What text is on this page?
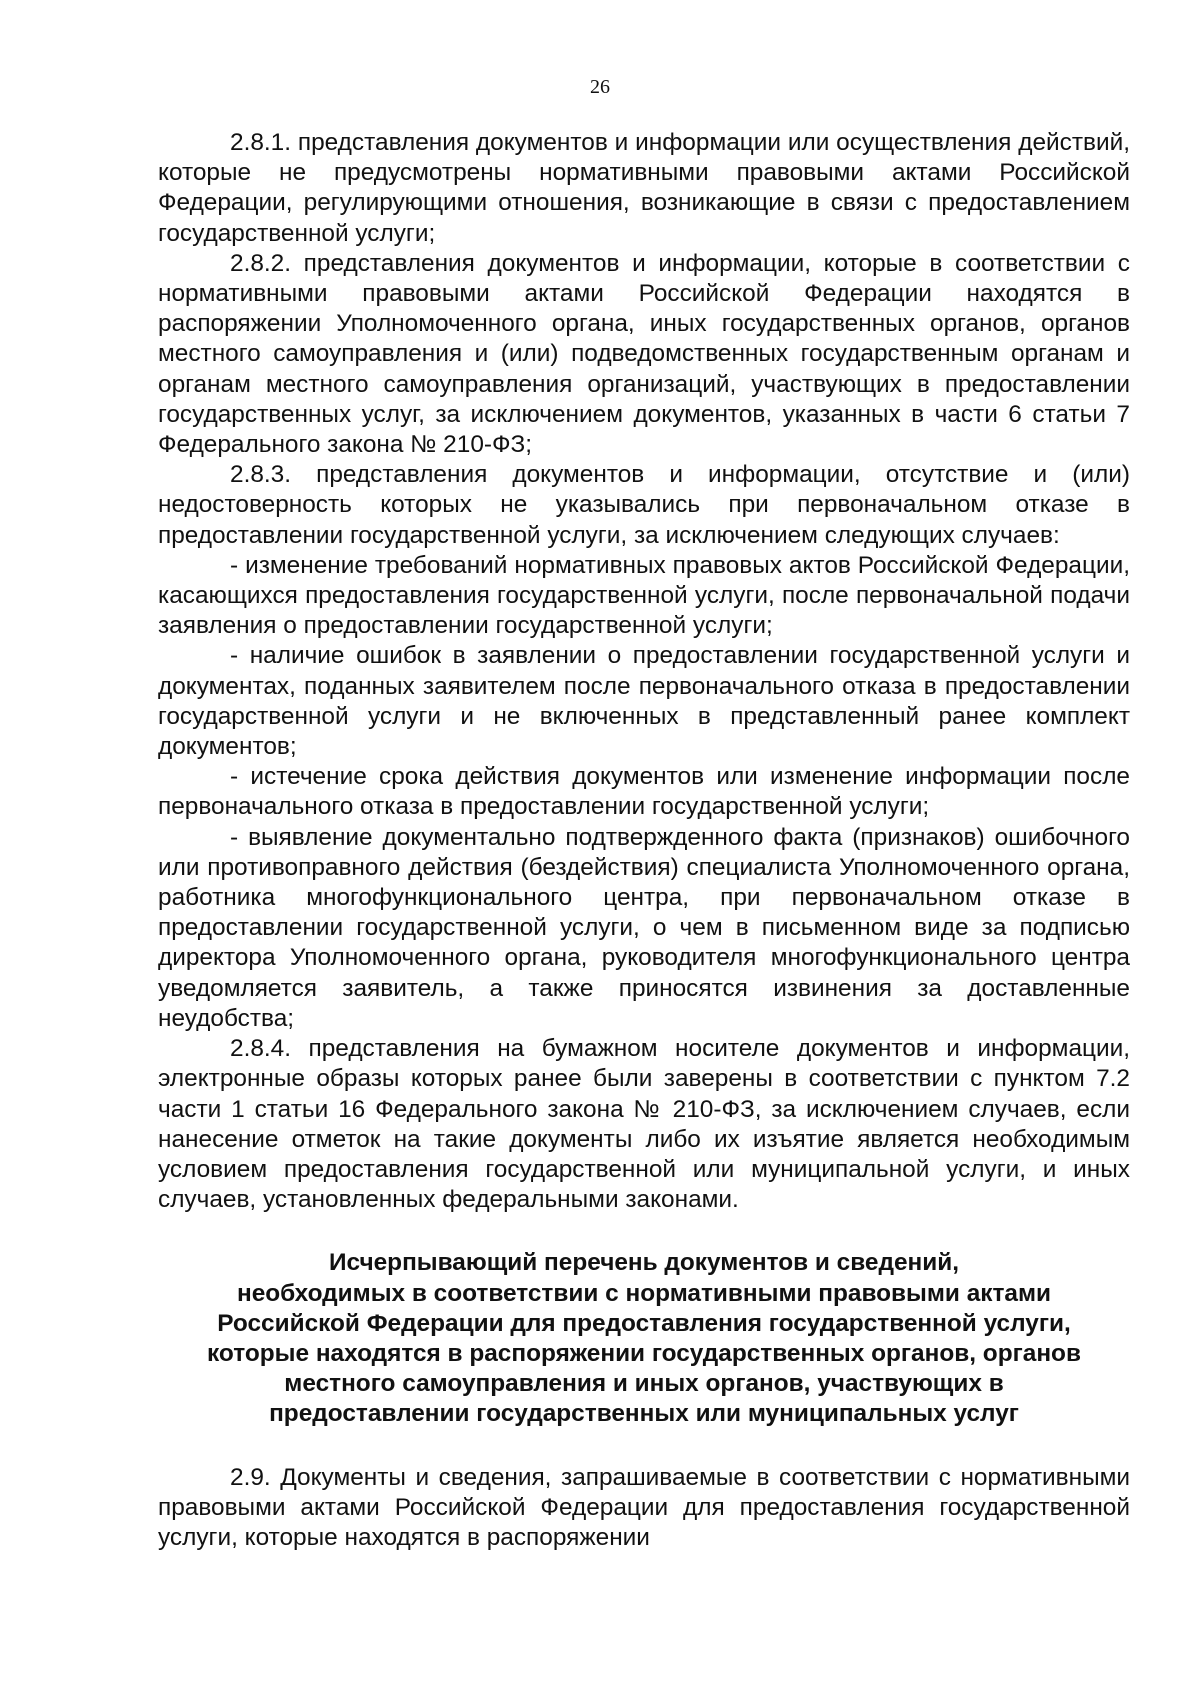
26

2.8.1. представления документов и информации или осуществления действий, которые не предусмотрены нормативными правовыми актами Российской Федерации, регулирующими отношения, возникающие в связи с предоставлением государственной услуги;

2.8.2. представления документов и информации, которые в соответствии с нормативными правовыми актами Российской Федерации находятся в распоряжении Уполномоченного органа, иных государственных органов, органов местного самоуправления и (или) подведомственных государственным органам и органам местного самоуправления организаций, участвующих в предоставлении государственных услуг, за исключением документов, указанных в части 6 статьи 7 Федерального закона № 210-ФЗ;

2.8.3. представления документов и информации, отсутствие и (или) недостоверность которых не указывались при первоначальном отказе в предоставлении государственной услуги, за исключением следующих случаев:

- изменение требований нормативных правовых актов Российской Федерации, касающихся предоставления государственной услуги, после первоначальной подачи заявления о предоставлении государственной услуги;

- наличие ошибок в заявлении о предоставлении государственной услуги и документах, поданных заявителем после первоначального отказа в предоставлении государственной услуги и не включенных в представленный ранее комплект документов;

- истечение срока действия документов или изменение информации после первоначального отказа в предоставлении государственной услуги;

- выявление документально подтвержденного факта (признаков) ошибочного или противоправного действия (бездействия) специалиста Уполномоченного органа, работника многофункционального центра, при первоначальном отказе в предоставлении государственной услуги, о чем в письменном виде за подписью директора Уполномоченного органа, руководителя многофункционального центра уведомляется заявитель, а также приносятся извинения за доставленные неудобства;

2.8.4. представления на бумажном носителе документов и информации, электронные образы которых ранее были заверены в соответствии с пунктом 7.2 части 1 статьи 16 Федерального закона № 210-ФЗ, за исключением случаев, если нанесение отметок на такие документы либо их изъятие является необходимым условием предоставления государственной или муниципальной услуги, и иных случаев, установленных федеральными законами.

Исчерпывающий перечень документов и сведений,
необходимых в соответствии с нормативными правовыми актами
Российской Федерации для предоставления государственной услуги,
которые находятся в распоряжении государственных органов, органов
местного самоуправления и иных органов, участвующих в
предоставлении государственных или муниципальных услуг

2.9. Документы и сведения, запрашиваемые в соответствии с нормативными правовыми актами Российской Федерации для предоставления государственной услуги, которые находятся в распоряжении
